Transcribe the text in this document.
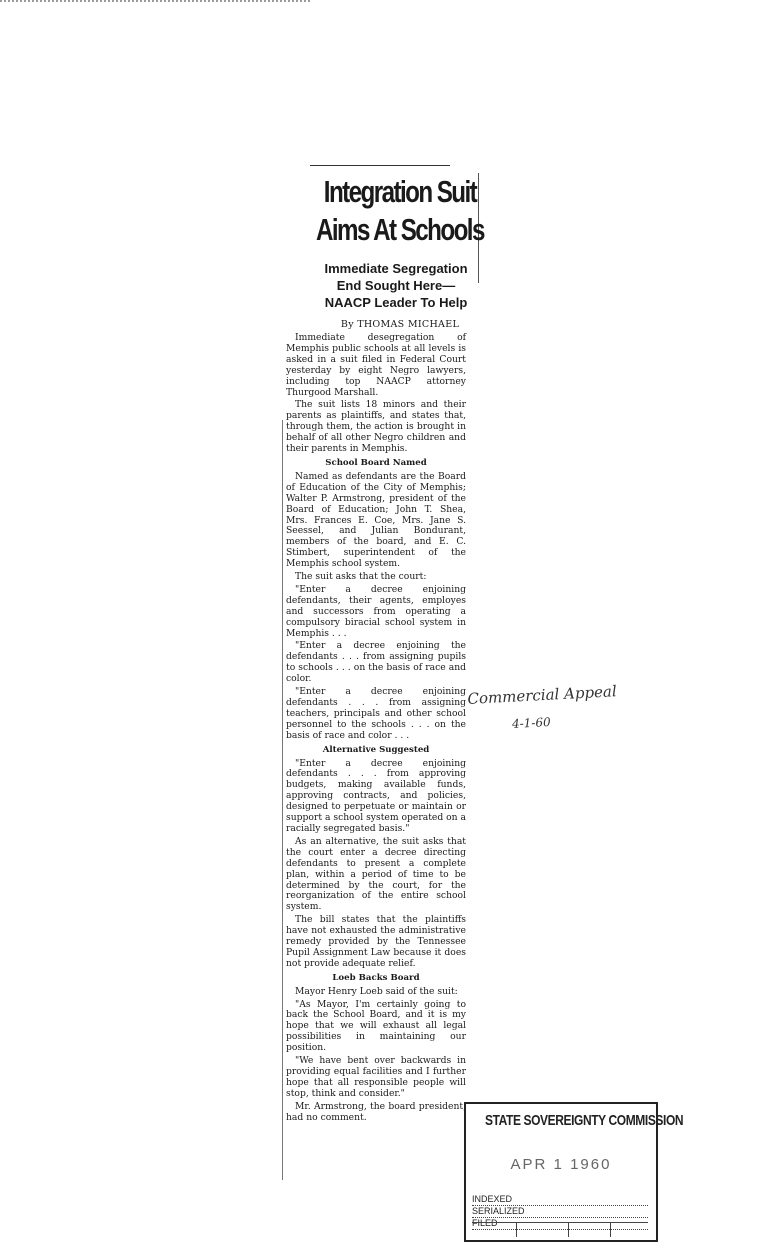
Integration Suit
Aims At Schools
Immediate Segregation End Sought Here—NAACP Leader To Help
By THOMAS MICHAEL

Immediate desegregation of Memphis public schools at all levels is asked in a suit filed in Federal Court yesterday by eight Negro lawyers, including top NAACP attorney Thurgood Marshall.

The suit lists 18 minors and their parents as plaintiffs, and states that, through them, the action is brought in behalf of all other Negro children and their parents in Memphis.

School Board Named

Named as defendants are the Board of Education of the City of Memphis; Walter P. Armstrong, president of the Board of Education; John T. Shea, Mrs. Frances E. Coe, Mrs. Jane S. Seessel, and Julian Bondurant, members of the board, and E. C. Stimbert, superintendent of the Memphis school system.

The suit asks that the court:

"Enter a decree enjoining defendants, their agents, employes and successors from operating a compulsory biracial school system in Memphis . . .

"Enter a decree enjoining the defendants . . . from assigning pupils to schools . . . on the basis of race and color.

"Enter a decree enjoining defendants . . . from assigning teachers, principals and other school personnel to the schools . . . on the basis of race and color . . .

Alternative Suggested

"Enter a decree enjoining defendants . . . from approving budgets, making available funds, approving contracts, and policies, designed to perpetuate or maintain or support a school system operated on a racially segregated basis."

As an alternative, the suit asks that the court enter a decree directing defendants to present a complete plan, within a period of time to be determined by the court, for the reorganization of the entire school system.

The bill states that the plaintiffs have not exhausted the administrative remedy provided by the Tennessee Pupil Assignment Law because it does not provide adequate relief.

Loeb Backs Board

Mayor Henry Loeb said of the suit:

"As Mayor, I'm certainly going to back the School Board, and it is my hope that we will exhaust all legal possibilities in maintaining our position.

"We have bent over backwards in providing equal facilities and I further hope that all responsible people will stop, think and consider."

Mr. Armstrong, the board president, had no comment.

Commercial Appeal
4-1-60
STATE SOVEREIGNTY COMMISSION
APR 1 1960
INDEXED
SERIALIZED
FILED
